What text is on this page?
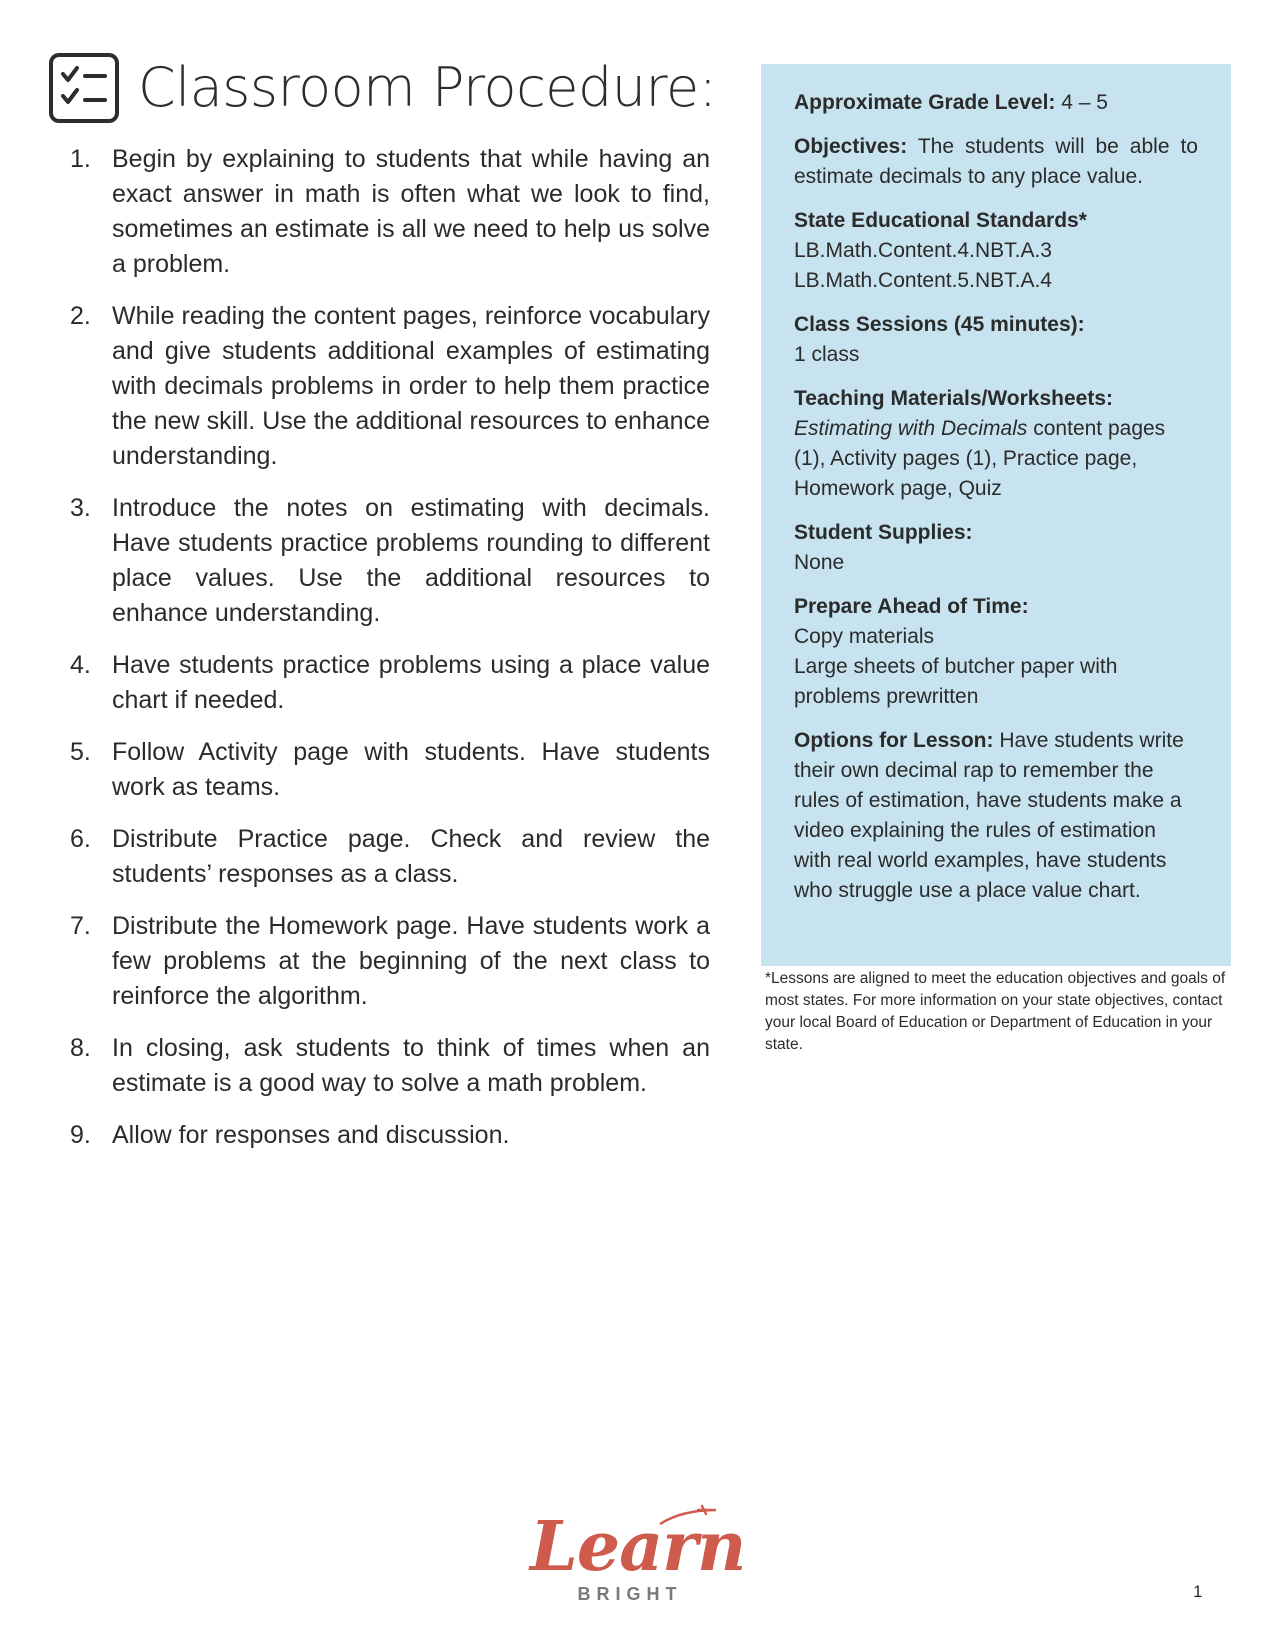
Classroom Procedure:
1. Begin by explaining to students that while having an exact answer in math is often what we look to find, sometimes an estimate is all we need to help us solve a problem.
2. While reading the content pages, reinforce vocabulary and give students additional examples of estimating with decimals problems in order to help them practice the new skill. Use the additional resources to enhance understanding.
3. Introduce the notes on estimating with decimals. Have students practice problems rounding to different place values. Use the additional resources to enhance understanding.
4. Have students practice problems using a place value chart if needed.
5. Follow Activity page with students. Have students work as teams.
6. Distribute Practice page. Check and review the students’ responses as a class.
7. Distribute the Homework page. Have students work a few problems at the beginning of the next class to reinforce the algorithm.
8. In closing, ask students to think of times when an estimate is a good way to solve a math problem.
9. Allow for responses and discussion.
Approximate Grade Level: 4 – 5
Objectives: The students will be able to estimate decimals to any place value.
State Educational Standards*
LB.Math.Content.4.NBT.A.3
LB.Math.Content.5.NBT.A.4
Class Sessions (45 minutes):
1 class
Teaching Materials/Worksheets:
Estimating with Decimals content pages (1), Activity pages (1), Practice page, Homework page, Quiz
Student Supplies:
None
Prepare Ahead of Time:
Copy materials
Large sheets of butcher paper with problems prewritten
Options for Lesson: Have students write their own decimal rap to remember the rules of estimation, have students make a video explaining the rules of estimation with real world examples, have students who struggle use a place value chart.
*Lessons are aligned to meet the education objectives and goals of most states. For more information on your state objectives, contact your local Board of Education or Department of Education in your state.
Learn
BRIGHT	1
